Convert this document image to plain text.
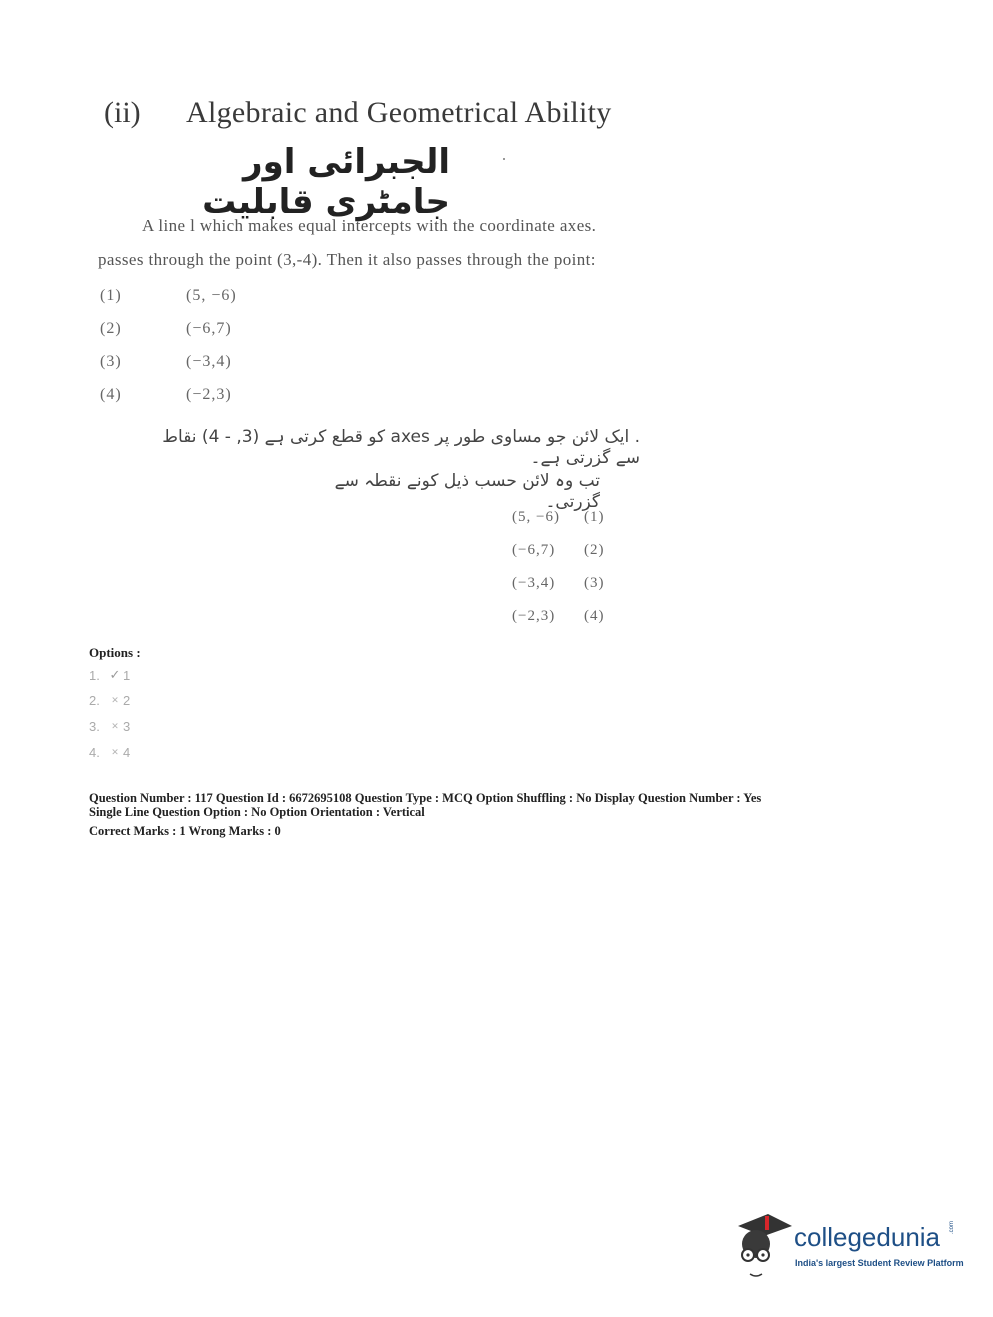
(ii) Algebraic and Geometrical Ability
الجبرائی اور جامٹری قابلیت
A line l which makes equal intercepts with the coordinate axes.
passes through the point (3,-4). Then it also passes through the point:
(1)	(5, −6)
(2)	(−6,7)
(3)	(−3,4)
(4)	(−2,3)
. ایک لائن جو مساوی طور پر axes کو قطع کرتی ہے (3, - 4) نقاط سے گزرتی ہے۔
تب وہ لائن حسب ذیل کونے نقطہ سے گزرتی۔
(5, −6) (1)
(−6,7) (2)
(−3,4) (3)
(−2,3) (4)
Options :
1. ✓ 1
2.	✕ 2
3.	✕ 3
4.	✕ 4
Question Number : 117 Question Id : 6672695108 Question Type : MCQ Option Shuffling : No Display Question Number : Yes
Single Line Question Option : No Option Orientation : Vertical
Correct Marks : 1 Wrong Marks : 0
collegedunia .com
India's largest Student Review Platform
